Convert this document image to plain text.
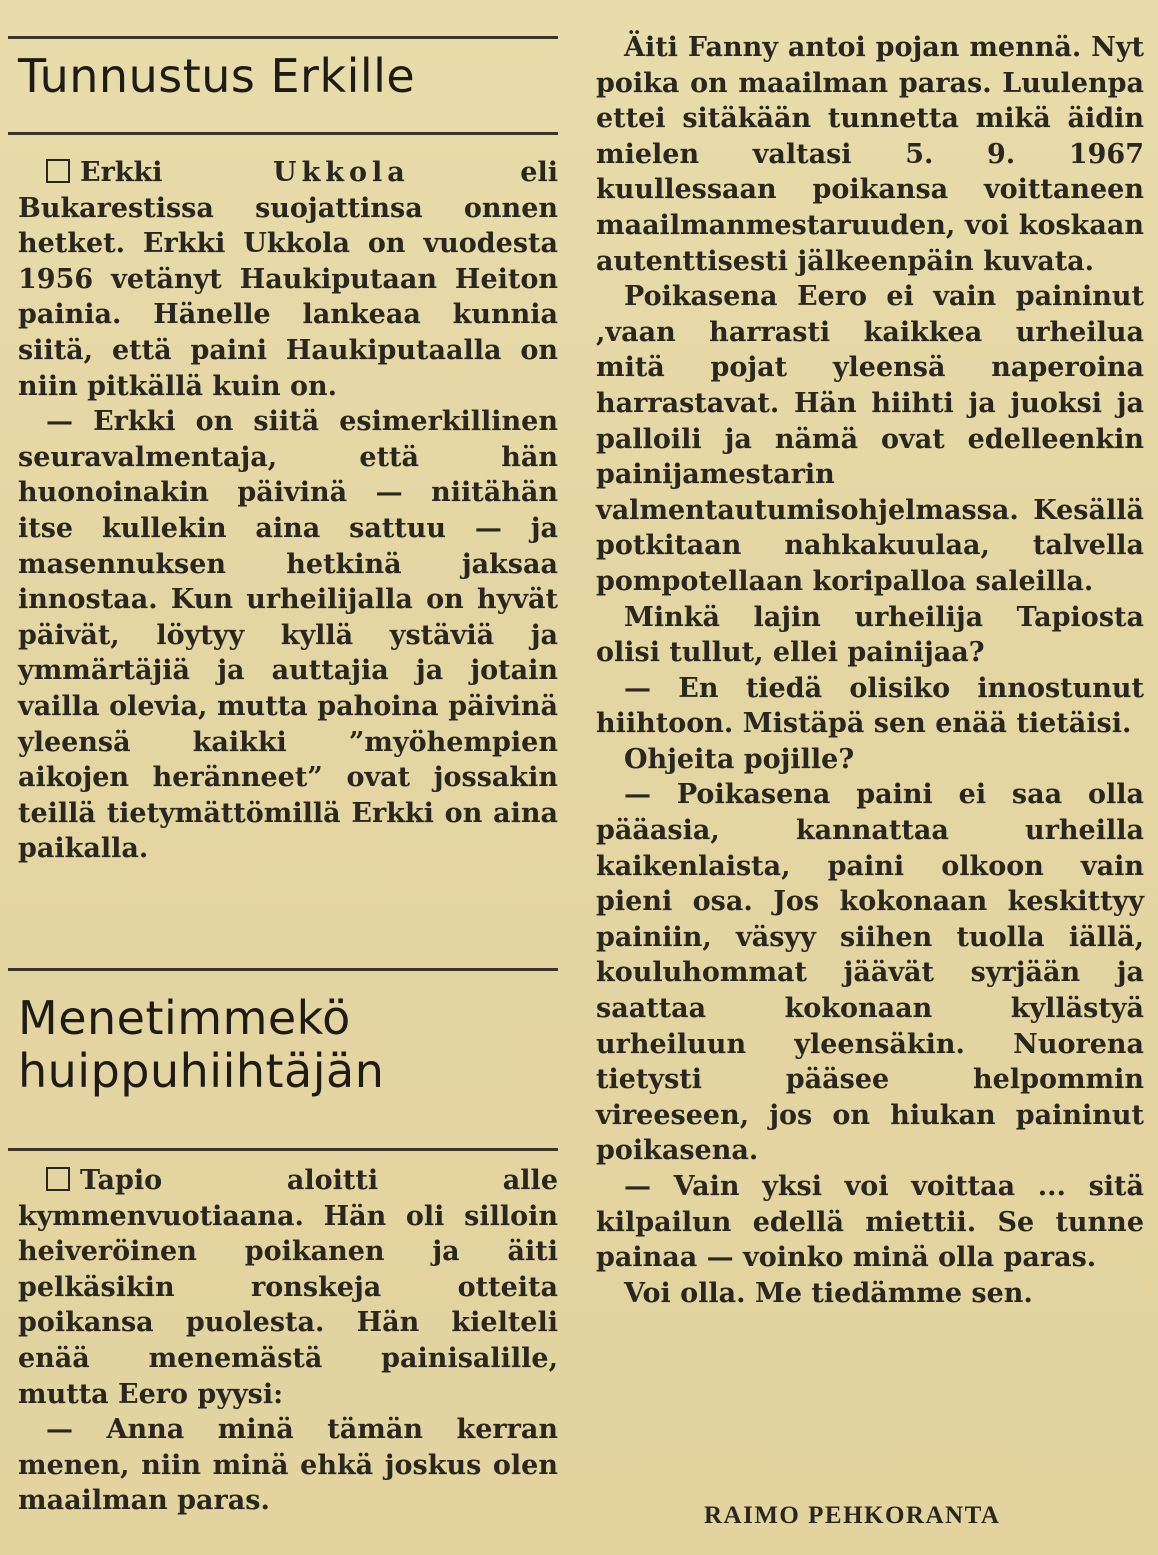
Tunnustus Erkille

Erkki Ukkola eli Bukarestissa suojattinsa onnen hetket. Erkki Ukkola on vuodesta 1956 vetänyt Haukiputaan Heiton painia. Hänelle lankeaa kunnia siitä, että paini Haukiputaalla on niin pitkällä kuin on.

— Erkki on siitä esimerkillinen seuravalmentaja, että hän huonoinakin päivinä — niitähän itse kullekin aina sattuu — ja masennuksen hetkinä jaksaa innostaa. Kun urheilijalla on hyvät päivät, löytyy kyllä ystäviä ja ymmärtäjiä ja auttajia ja jotain vailla olevia, mutta pahoina päivinä yleensä kaikki ”myöhempien aikojen heränneet” ovat jossakin teillä tietymättömillä Erkki on aina paikalla.

Menetimmekö
huippuhiihtäjän

Tapio aloitti alle kymmenvuotiaana. Hän oli silloin heiveröinen poikanen ja äiti pelkäsikin ronskeja otteita poikansa puolesta. Hän kielteli enää menemästä painisalille, mutta Eero pyysi:

— Anna minä tämän kerran menen, niin minä ehkä joskus olen maailman paras.

Äiti Fanny antoi pojan mennä. Nyt poika on maailman paras. Luulenpa ettei sitäkään tunnetta mikä äidin mielen valtasi 5. 9. 1967 kuullessaan poikansa voittaneen maailmanmestaruuden, voi koskaan autenttisesti jälkeenpäin kuvata.

Poikasena Eero ei vain paininut ,vaan harrasti kaikkea urheilua mitä pojat yleensä naperoina harrastavat. Hän hiihti ja juoksi ja palloili ja nämä ovat edelleenkin painijamestarin valmentautumisohjelmassa. Kesällä potkitaan nahkakuulaa, talvella pompotellaan koripalloa saleilla.

Minkä lajin urheilija Tapiosta olisi tullut, ellei painijaa?

— En tiedä olisiko innostunut hiihtoon. Mistäpä sen enää tietäisi.

Ohjeita pojille?

— Poikasena paini ei saa olla pääasia, kannattaa urheilla kaikenlaista, paini olkoon vain pieni osa. Jos kokonaan keskittyy painiin, väsyy siihen tuolla iällä, kouluhommat jäävät syrjään ja saattaa kokonaan kyllästyä urheiluun yleensäkin. Nuorena tietysti pääsee helpommin vireeseen, jos on hiukan paininut poikasena.

— Vain yksi voi voittaa ... sitä kilpailun edellä miettii. Se tunne painaa — voinko minä olla paras.

Voi olla. Me tiedämme sen.

RAIMO PEHKORANTA
